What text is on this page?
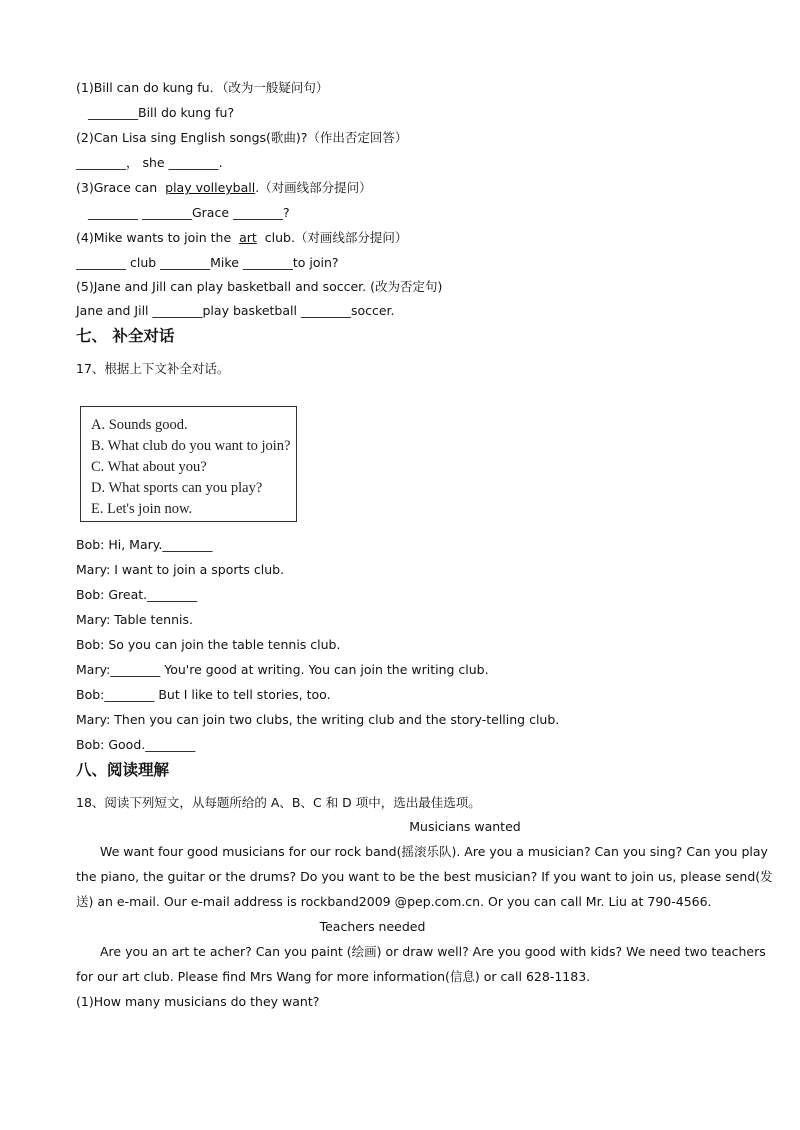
(1)Bill can do kung fu．（改为一般疑问句）
________Bill do kung fu?
(2)Can Lisa sing English songs(歌曲)?（作出否定回答）
________， she ________.
(3)Grace can  play volleyball.（对画线部分提问）
________ ________Grace ________?
(4)Mike wants to join the  art  club.（对画线部分提问）
________ club ________Mike ________to join?
(5)Jane and Jill can play basketball and soccer. (改为否定句)
Jane and Jill ________play basketball ________soccer.
七、 补全对话
17、根据上下文补全对话。
A. Sounds good.
B. What club do you want to join?
C. What about you?
D. What sports can you play?
E. Let's join now.
Bob: Hi, Mary.________
Mary: I want to join a sports club.
Bob: Great.________
Mary: Table tennis.
Bob: So you can join the table tennis club.
Mary:________ You're good at writing. You can join the writing club.
Bob:________ But I like to tell stories, too.
Mary: Then you can join two clubs, the writing club and the story-telling club.
Bob: Good.________
八、阅读理解
18、阅读下列短文，从每题所给的 A、B、C 和 D 项中，选出最佳选项。
Musicians wanted
We want four good musicians for our rock band(摇滚乐队). Are you a musician? Can you sing? Can you play
the piano, the guitar or the drums? Do you want to be the best musician? If you want to join us, please send(发
送) an e-mail. Our e-mail address is rockband2009 @pep.com.cn. Or you can call Mr. Liu at 790-4566.
Teachers needed
Are you an art te acher? Can you paint (绘画) or draw well? Are you good with kids? We need two teachers
for our art club. Please find Mrs Wang for more information(信息) or call 628-1183.
(1)How many musicians do they want?
